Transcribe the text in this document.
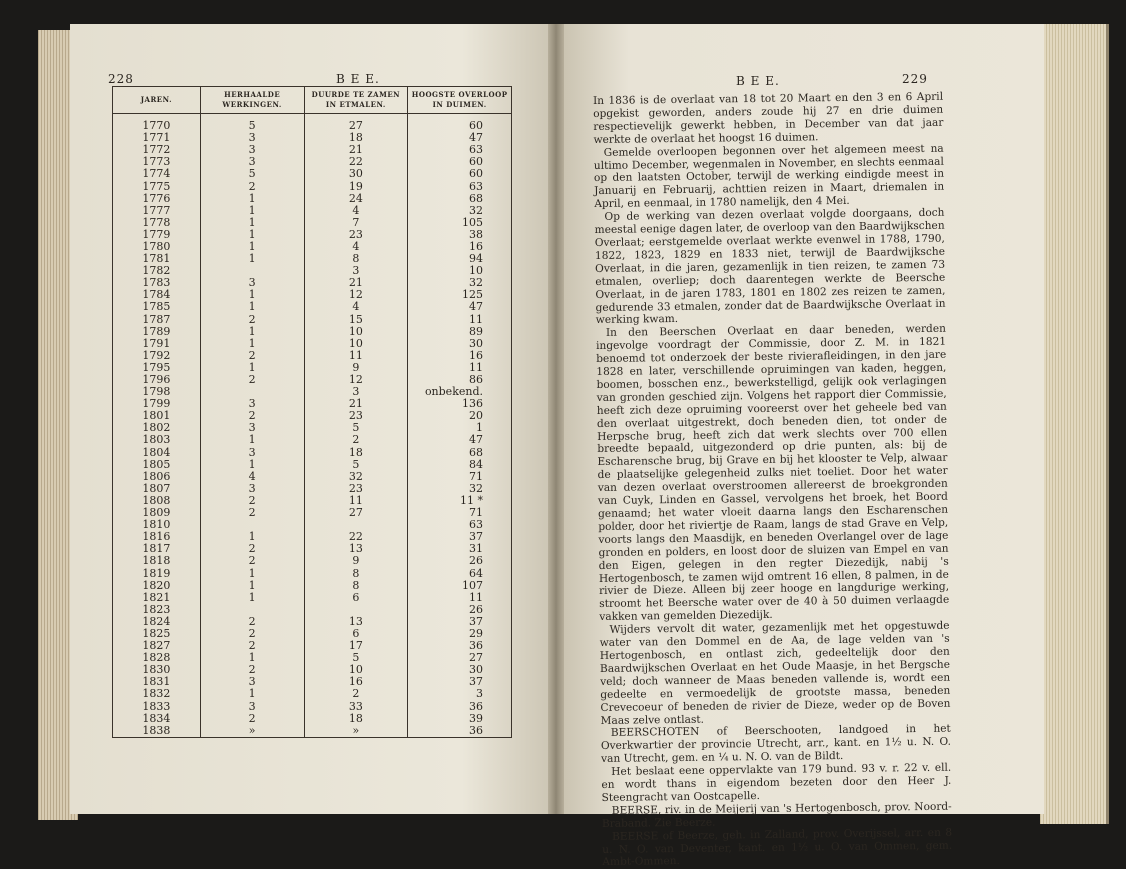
228	B E E.
JAREN.	HERHAALDE WERKINGEN.	DUURDE TE ZAMEN IN ETMALEN.	HOOGSTE OVERLOOP IN DUIMEN.
1770	5	27	60
1771	3	18	47
1772	3	21	63
1773	3	22	60
1774	5	30	60
1775	2	19	63
1776	1	24	68
1777	1	4	32
1778	1	7	105
1779	1	23	38
1780	1	4	16
1781	1	8	94
1782		3	10
1783	3	21	32
1784	1	12	125
1785	1	4	47
1787	2	15	11
1789	1	10	89
1791	1	10	30
1792	2	11	16
1795	1	9	11
1796	2	12	86
1798		3	onbekend.
1799	3	21	136
1801	2	23	20
1802	3	5	1
1803	1	2	47
1804	3	18	68
1805	1	5	84
1806	4	32	71
1807	3	23	32
1808	2	11	11 *
1809	2	27	71
1810			63
1816	1	22	37
1817	2	13	31
1818	2	9	26
1819	1	8	64
1820	1	8	107
1821	1	6	11
1823			26
1824	2	13	37
1825	2	6	29
1827	2	17	36
1828	1	5	27
1830	2	10	30
1831	3	16	37
1832	1	2	3
1833	3	33	36
1834	2	18	39
1838	»	»	36
B E E.	229

In 1836 is de overlaat van 18 tot 20 Maart en den 3 en 6 April opgekist geworden, anders zoude hij 27 en drie duimen respectievelijk gewerkt hebben, in December van dat jaar werkte de overlaat het hoogst 16 duimen.

Gemelde overloopen begonnen over het algemeen meest na ultimo December, wegenmalen in November, en slechts eenmaal op den laatsten October, terwijl de werking eindigde meest in Januarij en Februarij, achttien reizen in Maart, driemalen in April, en eenmaal, in 1780 namelijk, den 4 Mei.

Op de werking van dezen overlaat volgde doorgaans, doch meestal eenige dagen later, de overloop van den Baardwijkschen Overlaat; eerstgemelde overlaat werkte evenwel in 1788, 1790, 1822, 1823, 1829 en 1833 niet, terwijl de Baardwijksche Overlaat, in die jaren, gezamenlijk in tien reizen, te zamen 73 etmalen, overliep; doch daarentegen werkte de Beersche Overlaat, in de jaren 1783, 1801 en 1802 zes reizen te zamen, gedurende 33 etmalen, zonder dat de Baardwijksche Overlaat in werking kwam.

In den Beerschen Overlaat en daar beneden, werden ingevolge voordragt der Commissie, door Z. M. in 1821 benoemd tot onderzoek der beste rivierafleidingen, in den jare 1828 en later, verschillende opruimingen van kaden, heggen, boomen, bosschen enz., bewerkstelligd, gelijk ook verlagingen van gronden geschied zijn. Volgens het rapport dier Commissie, heeft zich deze opruiming vooreerst over het geheele bed van den overlaat uitgestrekt, doch beneden dien, tot onder de Herpsche brug, heeft zich dat werk slechts over 700 ellen breedte bepaald, uitgezonderd op drie punten, als: bij de Escharensche brug, bij Grave en bij het klooster te Velp, alwaar de plaatselijke gelegenheid zulks niet toeliet. Door het water van dezen overlaat overstroomen allereerst de broekgronden van Cuyk, Linden en Gassel, vervolgens het broek, het Boord genaamd; het water vloeit daarna langs den Escharenschen polder, door het riviertje de Raam, langs de stad Grave en Velp, voorts langs den Maasdijk, en beneden Overlangel over de lage gronden en polders, en loost door de sluizen van Empel en van den Eigen, gelegen in den regter Diezedijk, nabij 's Hertogenbosch, te zamen wijd omtrent 16 ellen, 8 palmen, in de rivier de Dieze. Alleen bij zeer hooge en langdurige werking, stroomt het Beersche water over de 40 à 50 duimen verlaagde vakken van gemelden Diezedijk.

Wijders vervolt dit water, gezamenlijk met het opgestuwde water van den Dommel en de Aa, de lage velden van 's Hertogenbosch, en ontlast zich, gedeeltelijk door den Baardwijkschen Overlaat en het Oude Maasje, in het Bergsche veld; doch wanneer de Maas beneden vallende is, wordt een gedeelte en vermoedelijk de grootste massa, beneden Crevecoeur of beneden de rivier de Dieze, weder op de Boven Maas zelve ontlast.

BEERSCHOTEN of Beerschooten, landgoed in het Overkwartier der provincie Utrecht, arr., kant. en 1½ u. N. O. van Utrecht, gem. en ¼ u. N. O. van de Bildt.

Het beslaat eene oppervlakte van 179 bund. 93 v. r. 22 v. ell. en wordt thans in eigendom bezeten door den Heer J. Steengracht van Oostcapelle.

BEERSE, riv. in de Meijerij van 's Hertogenbosch, prov. Noord-Braband. Zie Beerze.

BEERSE of Beerze, geh. in Zalland, prov. Overijssel, arr. en 8 u. N. O. van Deventer, kant. en 1½ u. O. van Ommen, gem. Ambt-Ommen.
